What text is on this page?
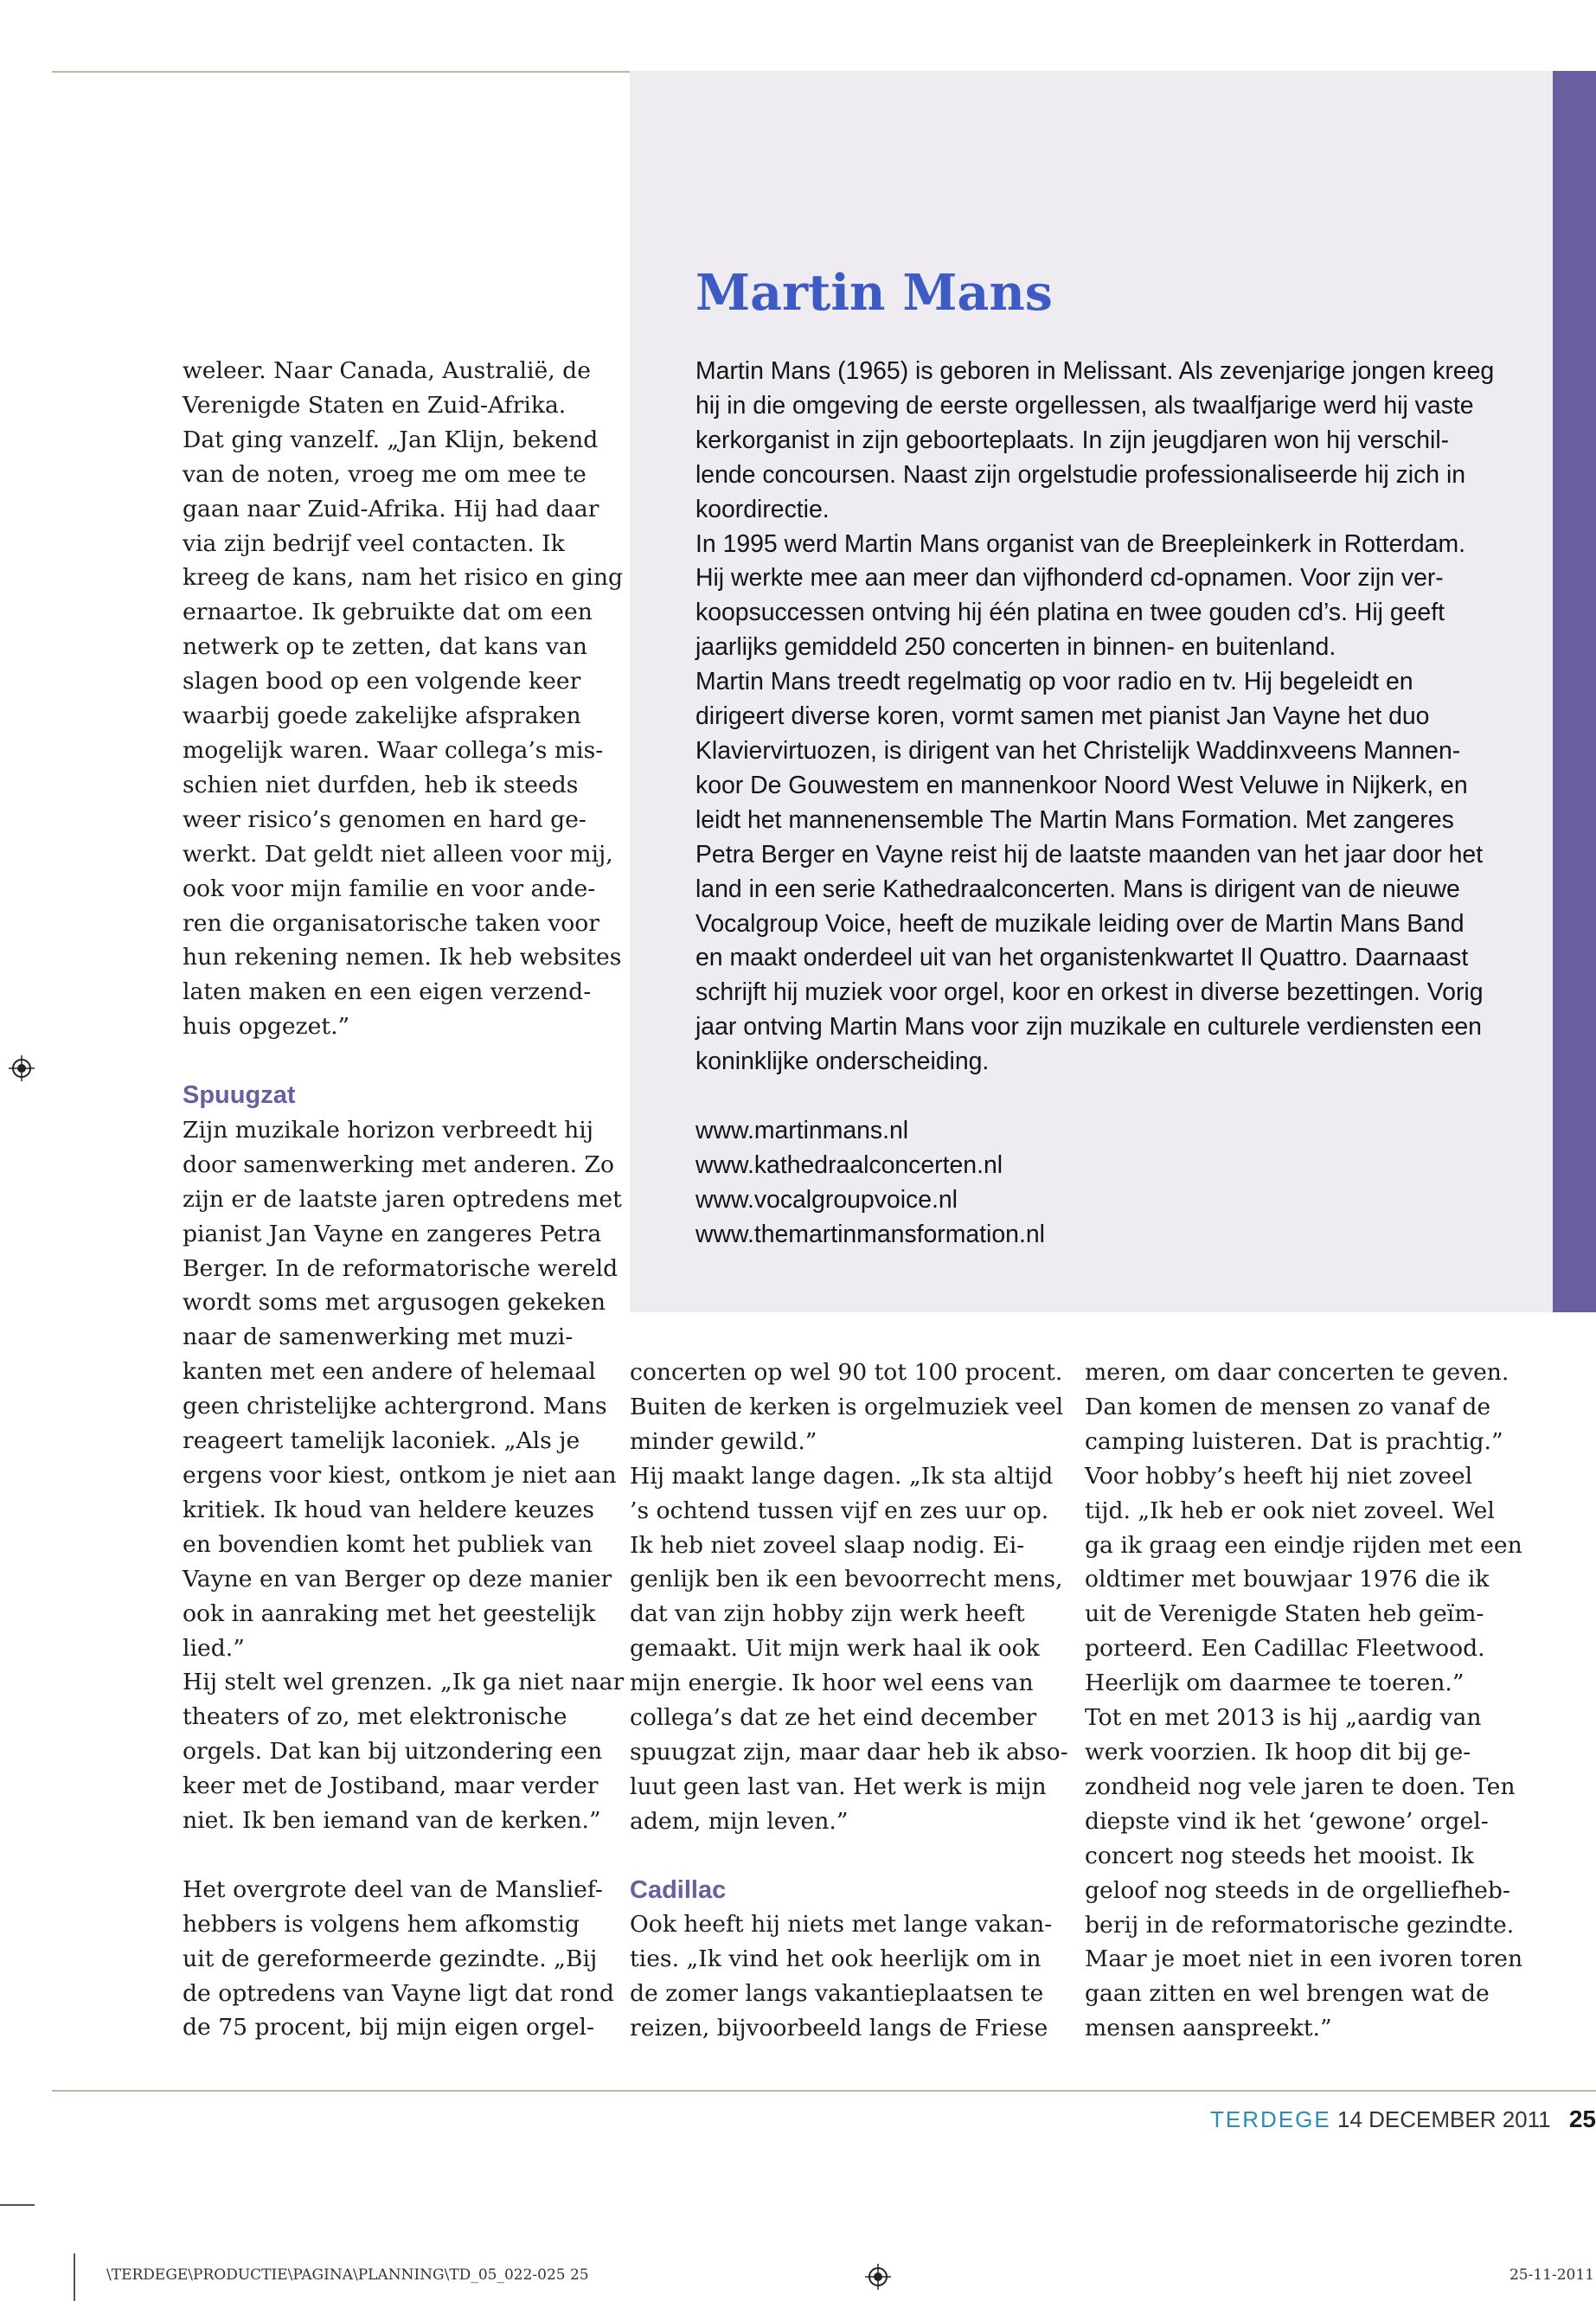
Martin Mans

Martin Mans (1965) is geboren in Melissant. Als zevenjarige jongen kreeg

hij in die omgeving de eerste orgellessen, als twaalfjarige werd hij vaste

kerkorganist in zijn geboorteplaats. In zijn jeugdjaren won hij verschil-

lende concoursen. Naast zijn orgelstudie professionaliseerde hij zich in

koordirectie.

In 1995 werd Martin Mans organist van de Breepleinkerk in Rotterdam.

Hij werkte mee aan meer dan vijfhonderd cd-opnamen. Voor zijn ver-

koopsuccessen ontving hij één platina en twee gouden cd’s. Hij geeft

jaarlijks gemiddeld 250 concerten in binnen- en buitenland.

Martin Mans treedt regelmatig op voor radio en tv. Hij begeleidt en

dirigeert diverse koren, vormt samen met pianist Jan Vayne het duo

Klaviervirtuozen, is dirigent van het Christelijk Waddinxveens Mannen-

koor De Gouwestem en mannenkoor Noord West Veluwe in Nijkerk, en

leidt het mannenensemble The Martin Mans Formation. Met zangeres

Petra Berger en Vayne reist hij de laatste maanden van het jaar door het

land in een serie Kathedraalconcerten. Mans is dirigent van de nieuwe

Vocalgroup Voice, heeft de muzikale leiding over de Martin Mans Band

en maakt onderdeel uit van het organistenkwartet Il Quattro. Daarnaast

schrijft hij muziek voor orgel, koor en orkest in diverse bezettingen. Vorig

jaar ontving Martin Mans voor zijn muzikale en culturele verdiensten een

koninklijke onderscheiding.

www.martinmans.nl
www.kathedraalconcerten.nl
www.vocalgroupvoice.nl
www.themartinmansformation.nl
weleer. Naar Canada, Australië, de
Verenigde Staten en Zuid-Afrika.
Dat ging vanzelf. „Jan Klijn, bekend
van de noten, vroeg me om mee te
gaan naar Zuid-Afrika. Hij had daar
via zijn bedrijf veel contacten. Ik
kreeg de kans, nam het risico en ging
ernaartoe. Ik gebruikte dat om een
netwerk op te zetten, dat kans van
slagen bood op een volgende keer
waarbij goede zakelijke afspraken
mogelijk waren. Waar collega’s mis-
schien niet durfden, heb ik steeds
weer risico’s genomen en hard ge-
werkt. Dat geldt niet alleen voor mij,
ook voor mijn familie en voor ande-
ren die organisatorische taken voor
hun rekening nemen. Ik heb websites
laten maken en een eigen verzend-
huis opgezet.”
Spuugzat
Zijn muzikale horizon verbreedt hij
door samenwerking met anderen. Zo
zijn er de laatste jaren optredens met
pianist Jan Vayne en zangeres Petra
Berger. In de reformatorische wereld
wordt soms met argusogen gekeken
naar de samenwerking met muzi-
kanten met een andere of helemaal
geen christelijke achtergrond. Mans
reageert tamelijk laconiek. „Als je
ergens voor kiest, ontkom je niet aan
kritiek. Ik houd van heldere keuzes
en bovendien komt het publiek van
Vayne en van Berger op deze manier
ook in aanraking met het geestelijk
lied.”
Hij stelt wel grenzen. „Ik ga niet naar
theaters of zo, met elektronische
orgels. Dat kan bij uitzondering een
keer met de Jostiband, maar verder
niet. Ik ben iemand van de kerken.”
Het overgrote deel van de Manslief-
hebbers is volgens hem afkomstig
uit de gereformeerde gezindte. „Bij
de optredens van Vayne ligt dat rond
de 75 procent, bij mijn eigen orgel-
concerten op wel 90 tot 100 procent.
Buiten de kerken is orgelmuziek veel
minder gewild.”
Hij maakt lange dagen. „Ik sta altijd
’s ochtend tussen vijf en zes uur op.
Ik heb niet zoveel slaap nodig. Ei-
genlijk ben ik een bevoorrecht mens,
dat van zijn hobby zijn werk heeft
gemaakt. Uit mijn werk haal ik ook
mijn energie. Ik hoor wel eens van
collega’s dat ze het eind december
spuugzat zijn, maar daar heb ik abso-
luut geen last van. Het werk is mijn
adem, mijn leven.”
Cadillac
Ook heeft hij niets met lange vakan-
ties. „Ik vind het ook heerlijk om in
de zomer langs vakantieplaatsen te
reizen, bijvoorbeeld langs de Friese
meren, om daar concerten te geven.
Dan komen de mensen zo vanaf de
camping luisteren. Dat is prachtig.”
Voor hobby’s heeft hij niet zoveel
tijd. „Ik heb er ook niet zoveel. Wel
ga ik graag een eindje rijden met een
oldtimer met bouwjaar 1976 die ik
uit de Verenigde Staten heb geïm-
porteerd. Een Cadillac Fleetwood.
Heerlijk om daarmee te toeren.”
Tot en met 2013 is hij „aardig van
werk voorzien. Ik hoop dit bij ge-
zondheid nog vele jaren te doen. Ten
diepste vind ik het ‘gewone’ orgel-
concert nog steeds het mooist. Ik
geloof nog steeds in de orgelliefheb-
berij in de reformatorische gezindte.
Maar je moet niet in een ivoren toren
gaan zitten en wel brengen wat de
mensen aanspreekt.”
TERDEGE 14 DECEMBER 2011 25
\TERDEGE\PRODUCTIE\PAGINA\PLANNING\TD_05_022-025 25	25-11-2011
